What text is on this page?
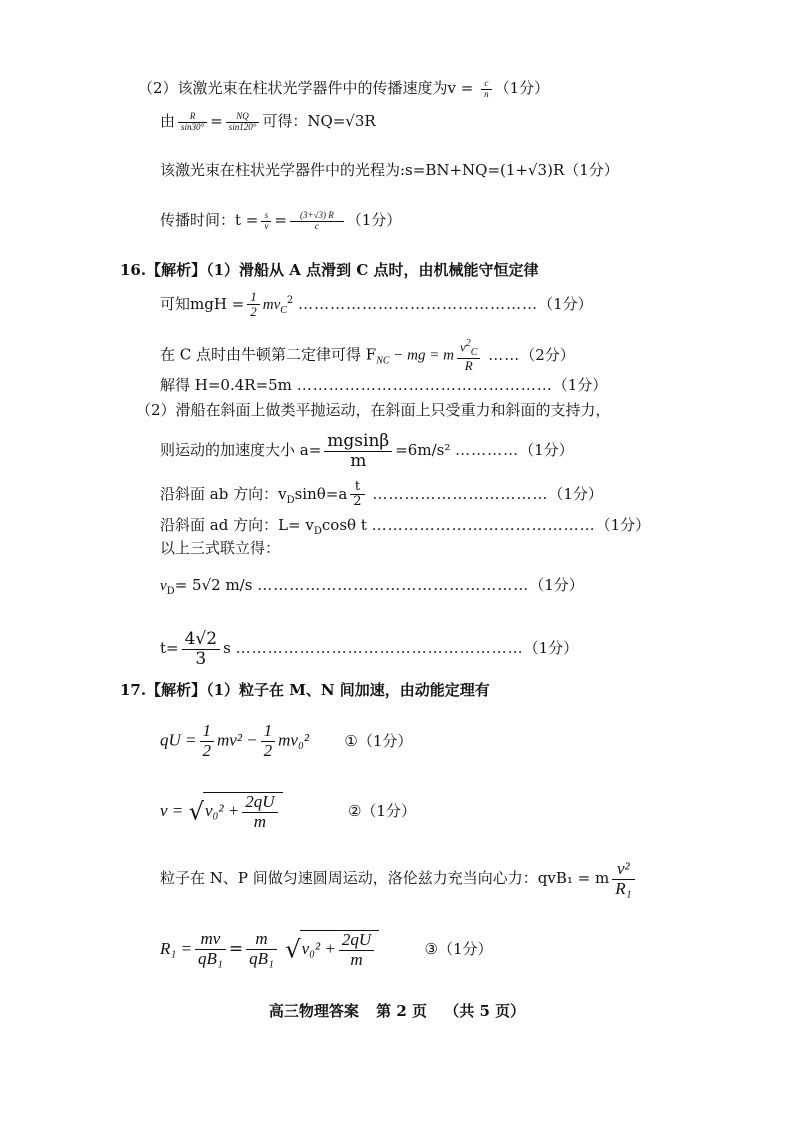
（2）该激光束在柱状光学器件中的传播速度为$v = \frac{c}{n} (1$分）
由 $\frac{R}{\sin 30^\circ} = \frac{NQ}{\sin 120^\circ}$ 可得：NQ=√3R
该激光束在柱状光学器件中的光程为:s=BN+NQ=(1+√3)R（1分）
传播时间：$t = \frac{s}{v} = \frac{(3+√3) R}{c} (1$分）
16.【解析】（1）滑船从 A 点滑到 C 点时，由机械能守恒定律
可知mgH = $\frac{1}{2} mv_C^2$ ………………………………………（1分）
在 C 点时由牛顿第二定律可得 $F_{NC}$ − mg = m $\frac{v^2_C}{R}$ ……（2分）
解得 H=0.4R=5m …………………………………………（1分）
（2）滑船在斜面上做类平抛运动，在斜面上只受重力和斜面的支持力，
则运动的加速度大小 $a= \frac{mgsin\beta}{m} =6m/s^2$ …………（1分）
沿斜面 ab 方向：$v_D\sin\theta=a \frac{t}{2}$ ……………………………（1分）
沿斜面 ad 方向：$L= v_D\cos\theta$ t ……………………………………（1分）
以上三式联立得：
$v_D= 5√2$ m/s ……………………………………………（1分）
$t= \frac{4√2}{3}$ s ………………………………………………（1分）
17.【解析】（1）粒子在 M、N 间加速，由动能定理有
qU = $\frac{1}{2} mv^2 - \frac{1}{2} mv_0^2$ ①（1分）
$v = √v_0^2 + \frac{2qU}{m}$	②（1分）
粒子在 N、P 间做匀速圆周运动，洛伦兹力充当向心力：qvB₁ = m $\frac{\text{v²}}{\text{R₁}}$
$R_1 = \frac{mv}{\text{qB₁}} = \frac{m}{\text{qB₁}} √v_0^2 + \frac{2qU}{m}$	③（1分）
高三物理答案 第 2 页 （共 5 页）
